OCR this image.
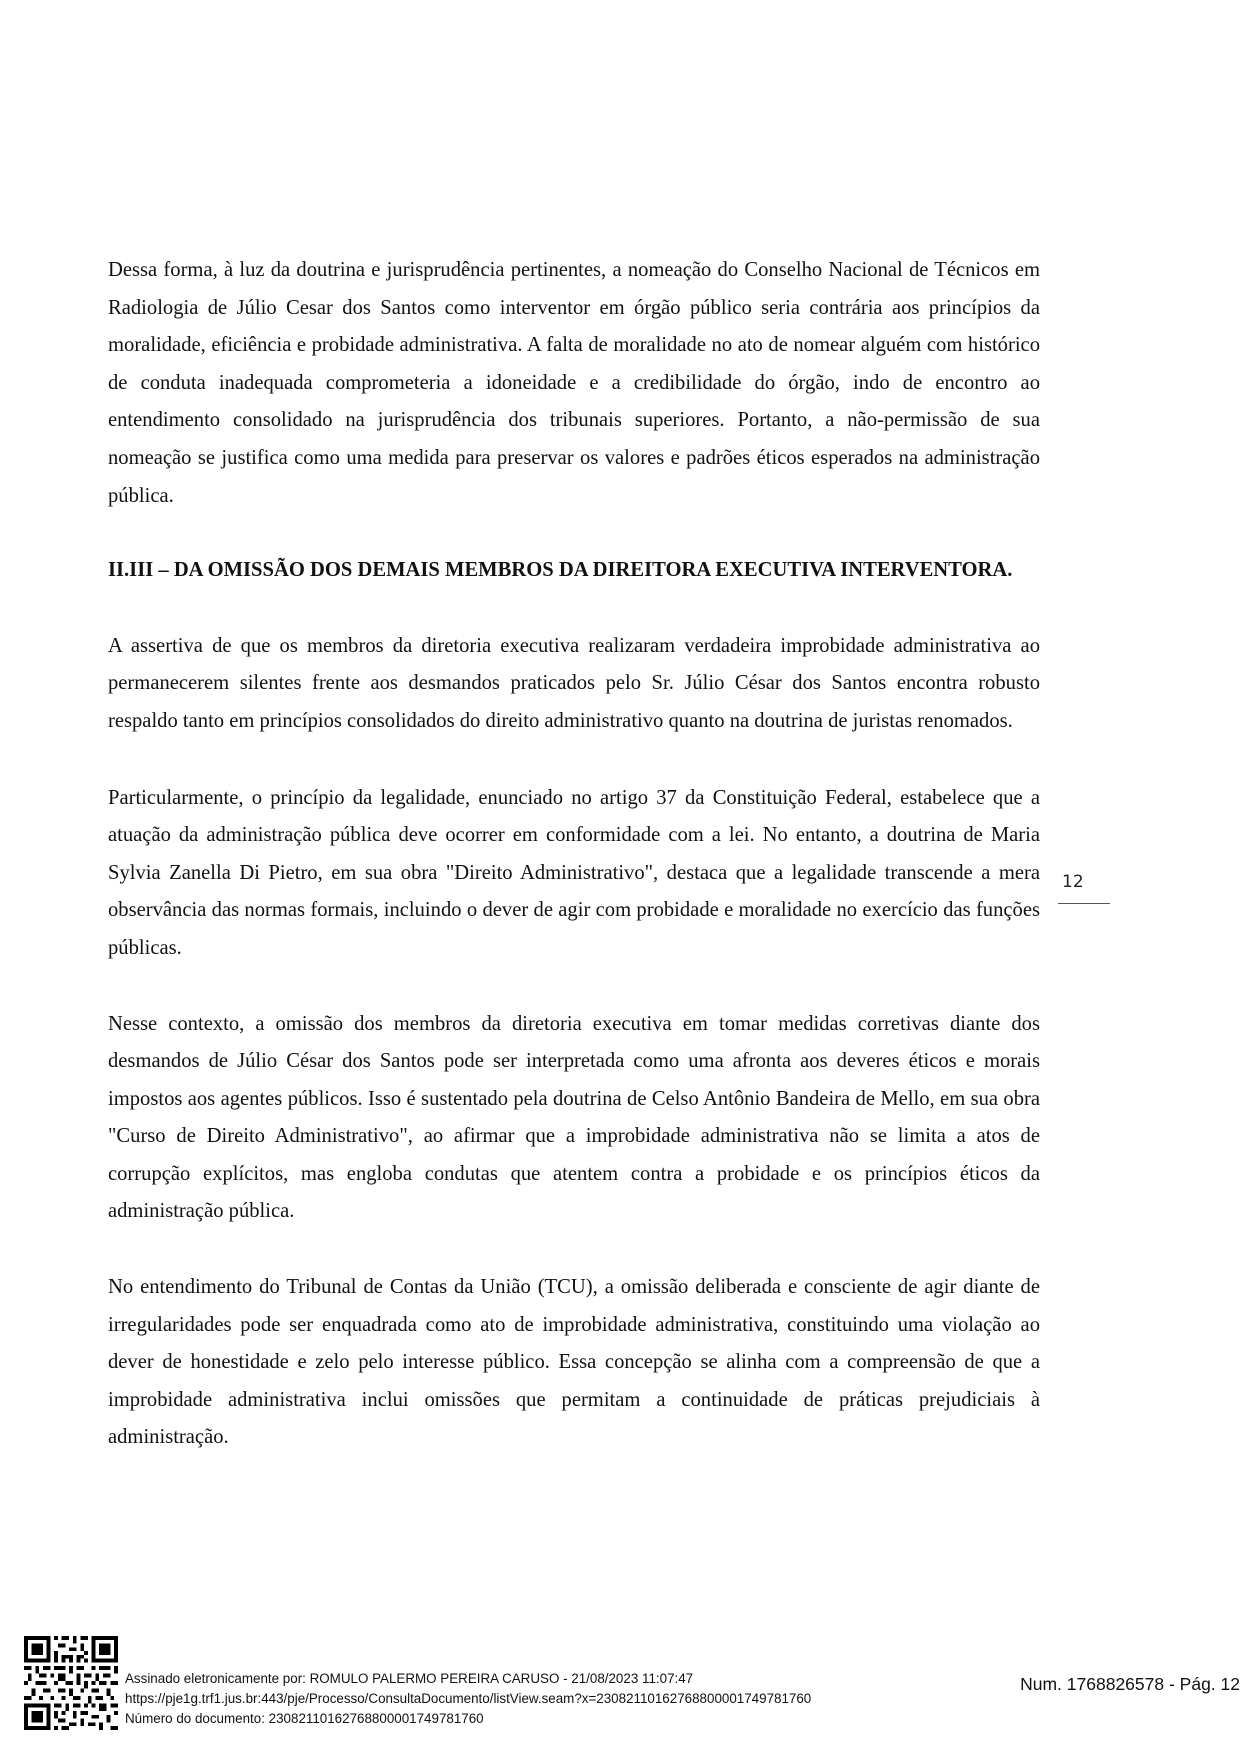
Dessa forma, à luz da doutrina e jurisprudência pertinentes, a nomeação do Conselho Nacional de Técnicos em Radiologia de Júlio Cesar dos Santos como interventor em órgão público seria contrária aos princípios da moralidade, eficiência e probidade administrativa. A falta de moralidade no ato de nomear alguém com histórico de conduta inadequada comprometeria a idoneidade e a credibilidade do órgão, indo de encontro ao entendimento consolidado na jurisprudência dos tribunais superiores. Portanto, a não-permissão de sua nomeação se justifica como uma medida para preservar os valores e padrões éticos esperados na administração pública.

II.III – DA OMISSÃO DOS DEMAIS MEMBROS DA DIREITORA EXECUTIVA INTERVENTORA.

A assertiva de que os membros da diretoria executiva realizaram verdadeira improbidade administrativa ao permanecerem silentes frente aos desmandos praticados pelo Sr. Júlio César dos Santos encontra robusto respaldo tanto em princípios consolidados do direito administrativo quanto na doutrina de juristas renomados.

Particularmente, o princípio da legalidade, enunciado no artigo 37 da Constituição Federal, estabelece que a atuação da administração pública deve ocorrer em conformidade com a lei. No entanto, a doutrina de Maria Sylvia Zanella Di Pietro, em sua obra "Direito Administrativo", destaca que a legalidade transcende a mera observância das normas formais, incluindo o dever de agir com probidade e moralidade no exercício das funções públicas.

Nesse contexto, a omissão dos membros da diretoria executiva em tomar medidas corretivas diante dos desmandos de Júlio César dos Santos pode ser interpretada como uma afronta aos deveres éticos e morais impostos aos agentes públicos. Isso é sustentado pela doutrina de Celso Antônio Bandeira de Mello, em sua obra "Curso de Direito Administrativo", ao afirmar que a improbidade administrativa não se limita a atos de corrupção explícitos, mas engloba condutas que atentem contra a probidade e os princípios éticos da administração pública.

No entendimento do Tribunal de Contas da União (TCU), a omissão deliberada e consciente de agir diante de irregularidades pode ser enquadrada como ato de improbidade administrativa, constituindo uma violação ao dever de honestidade e zelo pelo interesse público. Essa concepção se alinha com a compreensão de que a improbidade administrativa inclui omissões que permitam a continuidade de práticas prejudiciais à administração.

12
Assinado eletronicamente por: ROMULO PALERMO PEREIRA CARUSO - 21/08/2023 11:07:47
https://pje1g.trf1.jus.br:443/pje/Processo/ConsultaDocumento/listView.seam?x=23082110162768800001749781760
Número do documento: 23082110162768800001749781760
Num. 1768826578 - Pág. 12
